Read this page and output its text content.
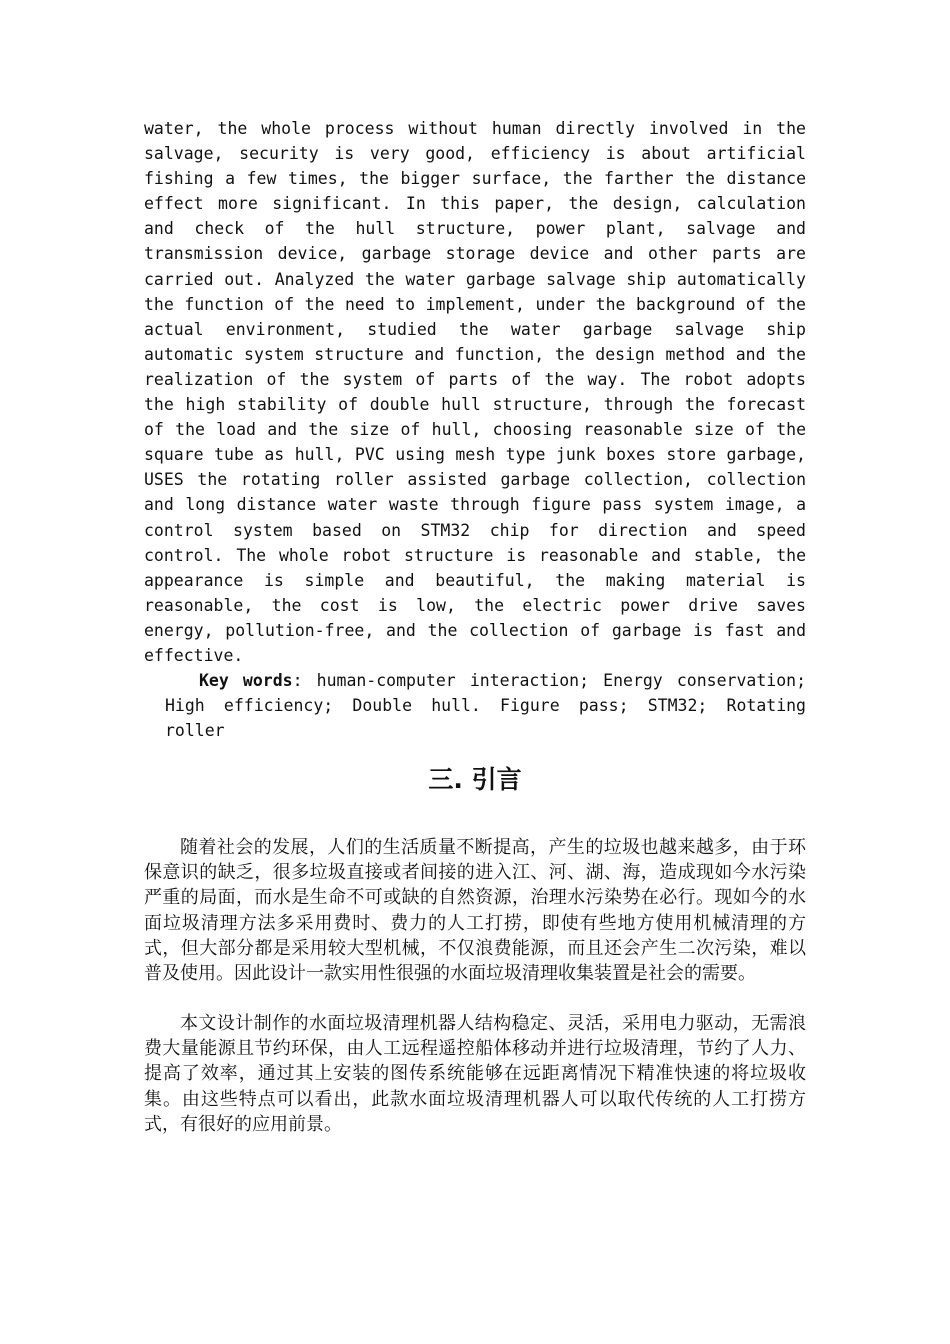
water, the whole process without human directly involved in the salvage, security is very good, efficiency is about artificial fishing a few times, the bigger surface, the farther the distance effect more significant. In this paper, the design, calculation and check of the hull structure, power plant, salvage and transmission device, garbage storage device and other parts are carried out. Analyzed the water garbage salvage ship automatically the function of the need to implement, under the background of the actual environment, studied the water garbage salvage ship automatic system structure and function, the design method and the realization of the system of parts of the way. The robot adopts the high stability of double hull structure, through the forecast of the load and the size of hull, choosing reasonable size of the square tube as hull, PVC using mesh type junk boxes store garbage, USES the rotating roller assisted garbage collection, collection and long distance water waste through figure pass system image, a control system based on STM32 chip for direction and speed control. The whole robot structure is reasonable and stable, the appearance is simple and beautiful, the making material is reasonable, the cost is low, the electric power drive saves energy, pollution-free, and the collection of garbage is fast and effective.

Key words: human-computer interaction; Energy conservation; High efficiency; Double hull. Figure pass; STM32; Rotating roller

三. 引言

随着社会的发展，人们的生活质量不断提高，产生的垃圾也越来越多，由于环保意识的缺乏，很多垃圾直接或者间接的进入江、河、湖、海，造成现如今水污染严重的局面，而水是生命不可或缺的自然资源，治理水污染势在必行。现如今的水面垃圾清理方法多采用费时、费力的人工打捞，即使有些地方使用机械清理的方式，但大部分都是采用较大型机械，不仅浪费能源，而且还会产生二次污染，难以普及使用。因此设计一款实用性很强的水面垃圾清理收集装置是社会的需要。

本文设计制作的水面垃圾清理机器人结构稳定、灵活，采用电力驱动，无需浪费大量能源且节约环保，由人工远程遥控船体移动并进行垃圾清理，节约了人力、提高了效率，通过其上安装的图传系统能够在远距离情况下精准快速的将垃圾收集。由这些特点可以看出，此款水面垃圾清理机器人可以取代传统的人工打捞方式，有很好的应用前景。
